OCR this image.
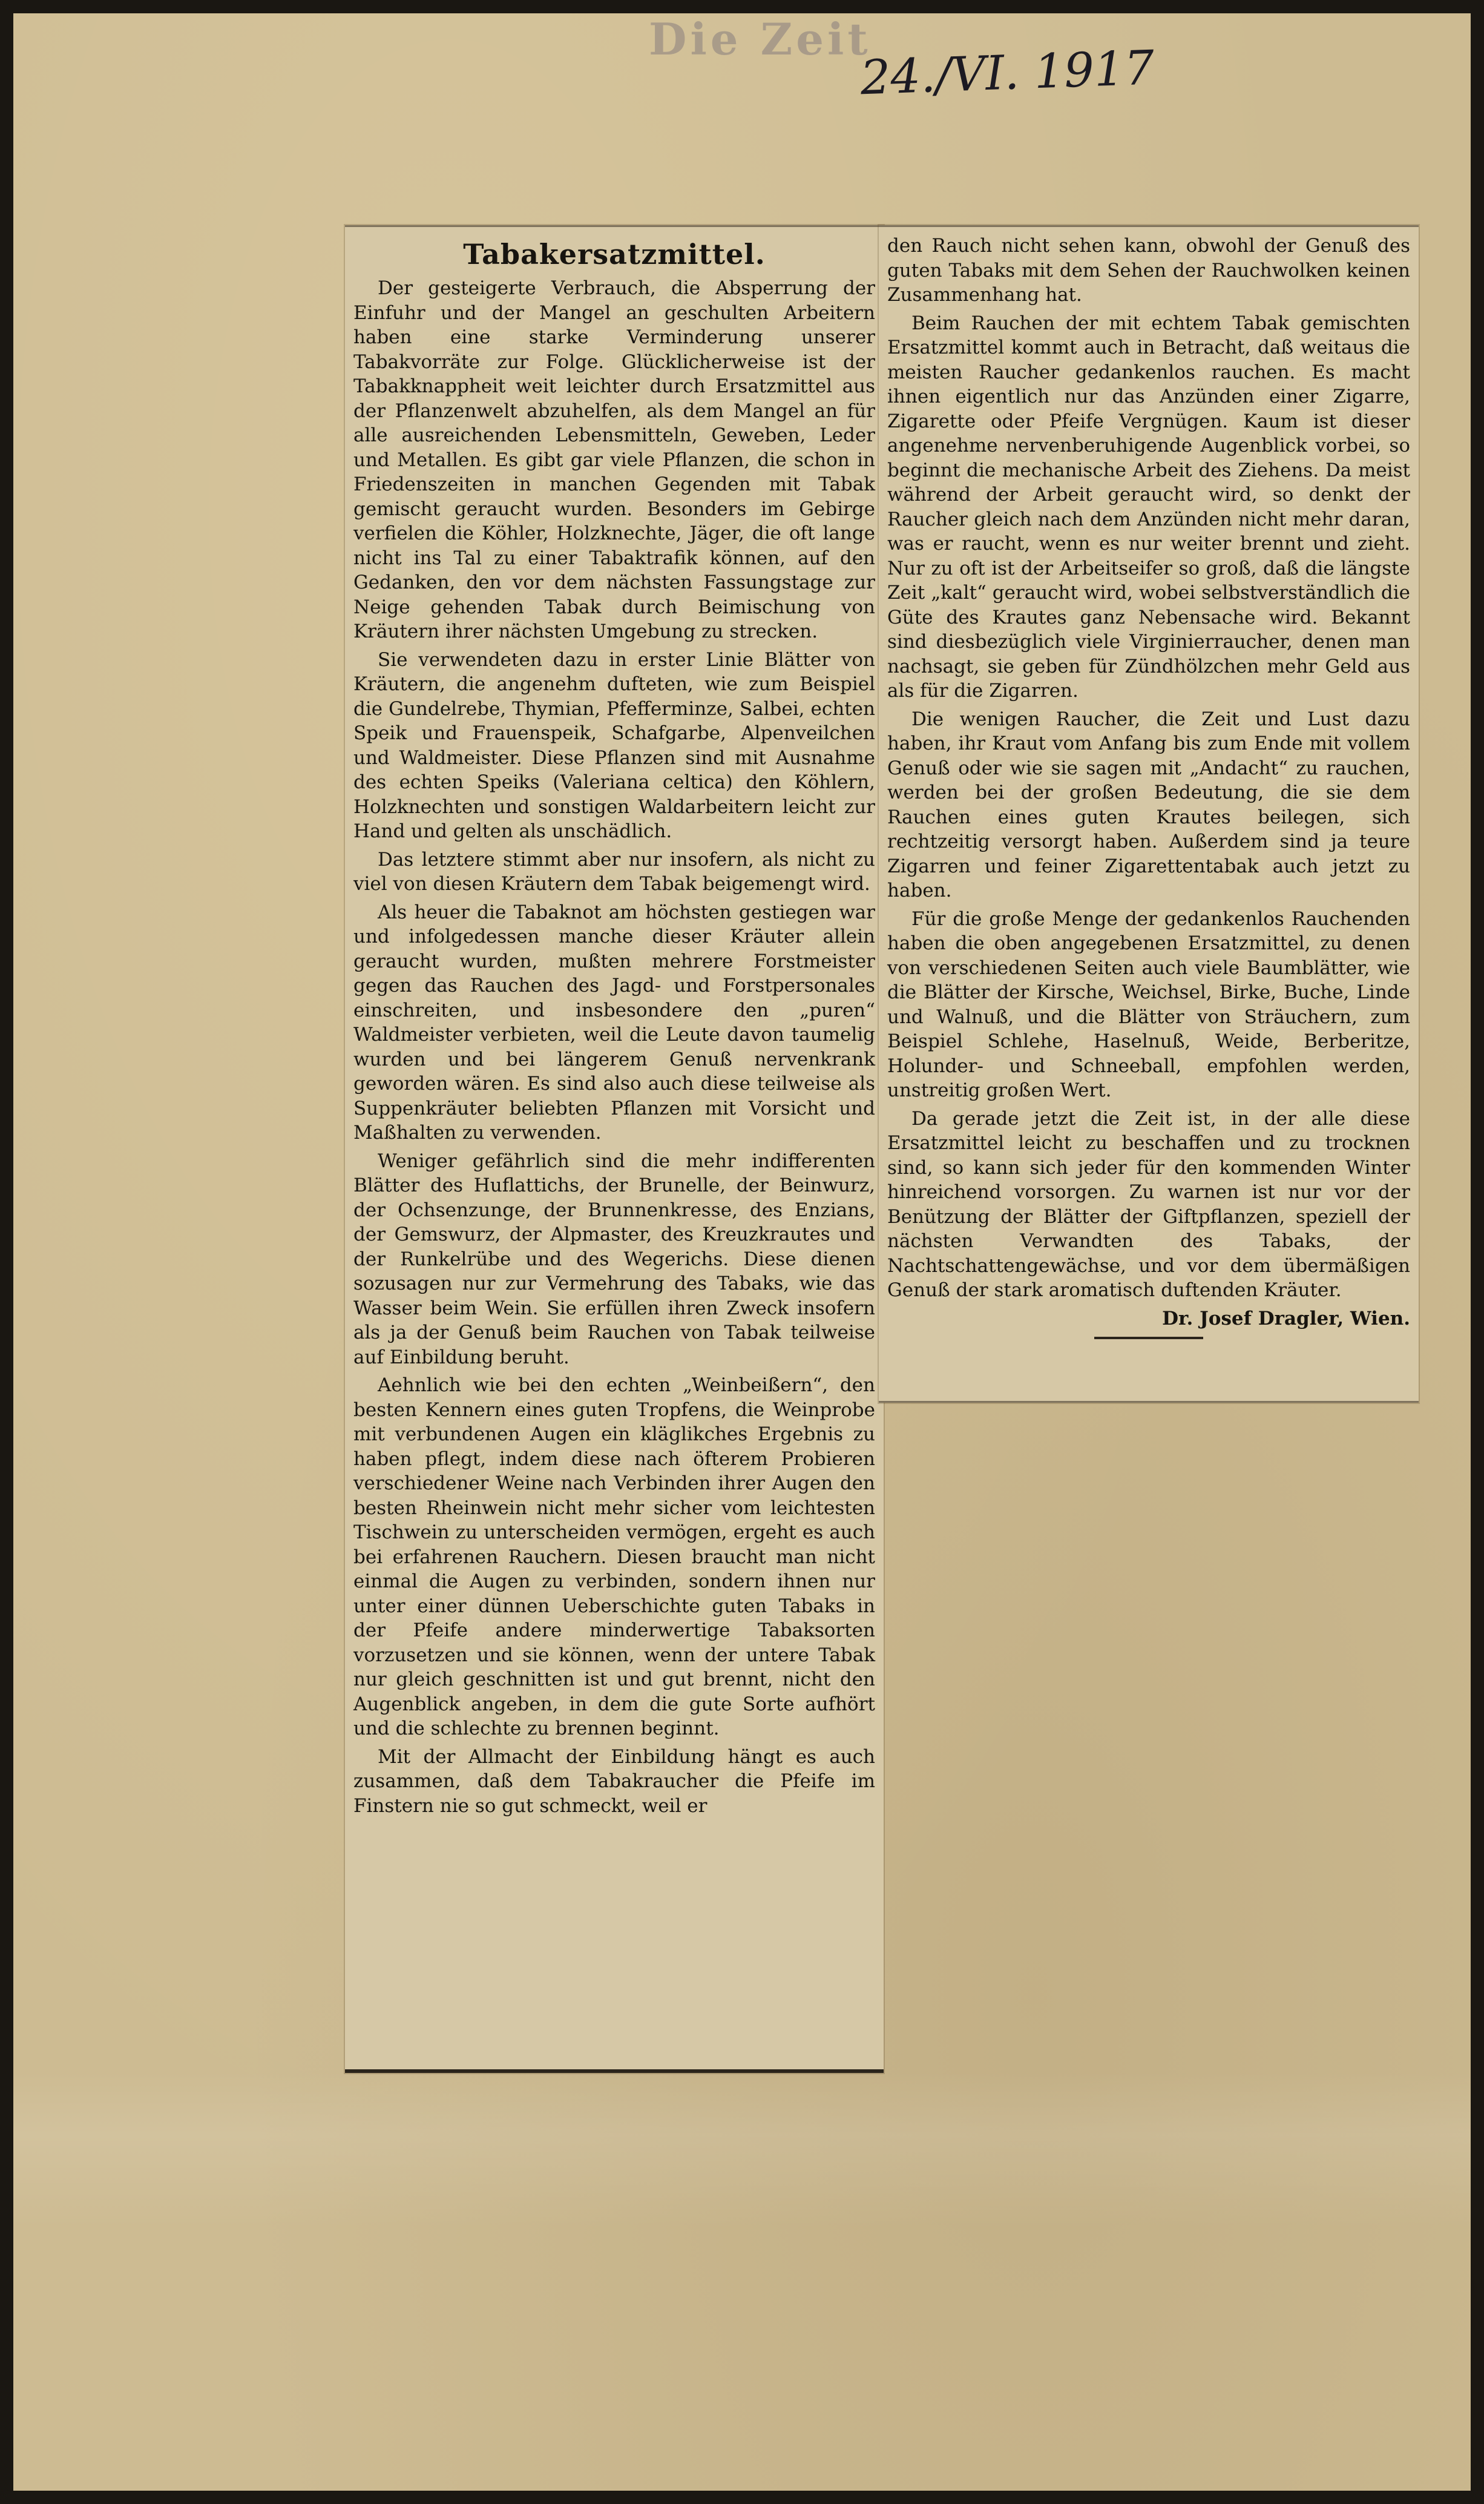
Die Zeit
24./VI. 1917
Tabakersatzmittel.

Der gesteigerte Verbrauch, die Absperrung der Einfuhr und der Mangel an geschulten Arbeitern haben eine starke Verminderung unserer Tabakvorräte zur Folge. Glücklicherweise ist der Tabakknappheit weit leichter durch Ersatzmittel aus der Pflanzenwelt abzuhelfen, als dem Mangel an für alle ausreichenden Lebensmitteln, Geweben, Leder und Metallen. Es gibt gar viele Pflanzen, die schon in Friedenszeiten in manchen Gegenden mit Tabak gemischt geraucht wurden. Besonders im Gebirge verfielen die Köhler, Holzknechte, Jäger, die oft lange nicht ins Tal zu einer Tabaktrafik können, auf den Gedanken, den vor dem nächsten Fassungstage zur Neige gehenden Tabak durch Beimischung von Kräutern ihrer nächsten Umgebung zu strecken.

Sie verwendeten dazu in erster Linie Blätter von Kräutern, die angenehm dufteten, wie zum Beispiel die Gundelrebe, Thymian, Pfefferminze, Salbei, echten Speik und Frauenspeik, Schafgarbe, Alpenveilchen und Waldmeister. Diese Pflanzen sind mit Ausnahme des echten Speiks (Valeriana celtica) den Köhlern, Holzknechten und sonstigen Waldarbeitern leicht zur Hand und gelten als unschädlich.

Das letztere stimmt aber nur insofern, als nicht zu viel von diesen Kräutern dem Tabak beigemengt wird.

Als heuer die Tabaknot am höchsten gestiegen war und infolgedessen manche dieser Kräuter allein geraucht wurden, mußten mehrere Forstmeister gegen das Rauchen des Jagd- und Forstpersonales einschreiten, und insbesondere den „puren“ Waldmeister verbieten, weil die Leute davon taumelig wurden und bei längerem Genuß nervenkrank geworden wären. Es sind also auch diese teilweise als Suppenkräuter beliebten Pflanzen mit Vorsicht und Maßhalten zu verwenden.

Weniger gefährlich sind die mehr indifferenten Blätter des Huflattichs, der Brunelle, der Beinwurz, der Ochsenzunge, der Brunnenkresse, des Enzians, der Gemswurz, der Alpmaster, des Kreuzkrautes und der Runkelrübe und des Wegerichs. Diese dienen sozusagen nur zur Vermehrung des Tabaks, wie das Wasser beim Wein. Sie erfüllen ihren Zweck insofern als ja der Genuß beim Rauchen von Tabak teilweise auf Einbildung beruht.

Aehnlich wie bei den echten „Weinbeißern“, den besten Kennern eines guten Tropfens, die Weinprobe mit verbundenen Augen ein kläglikches Ergebnis zu haben pflegt, indem diese nach öfterem Probieren verschiedener Weine nach Verbinden ihrer Augen den besten Rheinwein nicht mehr sicher vom leichtesten Tischwein zu unterscheiden vermögen, ergeht es auch bei erfahrenen Rauchern. Diesen braucht man nicht einmal die Augen zu verbinden, sondern ihnen nur unter einer dünnen Ueberschichte guten Tabaks in der Pfeife andere minderwertige Tabaksorten vorzusetzen und sie können, wenn der untere Tabak nur gleich geschnitten ist und gut brennt, nicht den Augenblick angeben, in dem die gute Sorte aufhört und die schlechte zu brennen beginnt.

Mit der Allmacht der Einbildung hängt es auch zusammen, daß dem Tabakraucher die Pfeife im Finstern nie so gut schmeckt, weil er

den Rauch nicht sehen kann, obwohl der Genuß des guten Tabaks mit dem Sehen der Rauchwolken keinen Zusammenhang hat.

Beim Rauchen der mit echtem Tabak gemischten Ersatzmittel kommt auch in Betracht, daß weitaus die meisten Raucher gedankenlos rauchen. Es macht ihnen eigentlich nur das Anzünden einer Zigarre, Zigarette oder Pfeife Vergnügen. Kaum ist dieser angenehme nervenberuhigende Augenblick vorbei, so beginnt die mechanische Arbeit des Ziehens. Da meist während der Arbeit geraucht wird, so denkt der Raucher gleich nach dem Anzünden nicht mehr daran, was er raucht, wenn es nur weiter brennt und zieht. Nur zu oft ist der Arbeitseifer so groß, daß die längste Zeit „kalt“ geraucht wird, wobei selbstverständlich die Güte des Krautes ganz Nebensache wird. Bekannt sind diesbezüglich viele Virginierraucher, denen man nachsagt, sie geben für Zündhölzchen mehr Geld aus als für die Zigarren.

Die wenigen Raucher, die Zeit und Lust dazu haben, ihr Kraut vom Anfang bis zum Ende mit vollem Genuß oder wie sie sagen mit „Andacht“ zu rauchen, werden bei der großen Bedeutung, die sie dem Rauchen eines guten Krautes beilegen, sich rechtzeitig versorgt haben. Außerdem sind ja teure Zigarren und feiner Zigarettentabak auch jetzt zu haben.

Für die große Menge der gedankenlos Rauchenden haben die oben angegebenen Ersatzmittel, zu denen von verschiedenen Seiten auch viele Baumblätter, wie die Blätter der Kirsche, Weichsel, Birke, Buche, Linde und Walnuß, und die Blätter von Sträuchern, zum Beispiel Schlehe, Haselnuß, Weide, Berberitze, Holunder- und Schneeball, empfohlen werden, unstreitig großen Wert.

Da gerade jetzt die Zeit ist, in der alle diese Ersatzmittel leicht zu beschaffen und zu trocknen sind, so kann sich jeder für den kommenden Winter hinreichend vorsorgen. Zu warnen ist nur vor der Benützung der Blätter der Giftpflanzen, speziell der nächsten Verwandten des Tabaks, der Nachtschattengewächse, und vor dem übermäßigen Genuß der stark aromatisch duftenden Kräuter.

Dr. Josef Dragler, Wien.
